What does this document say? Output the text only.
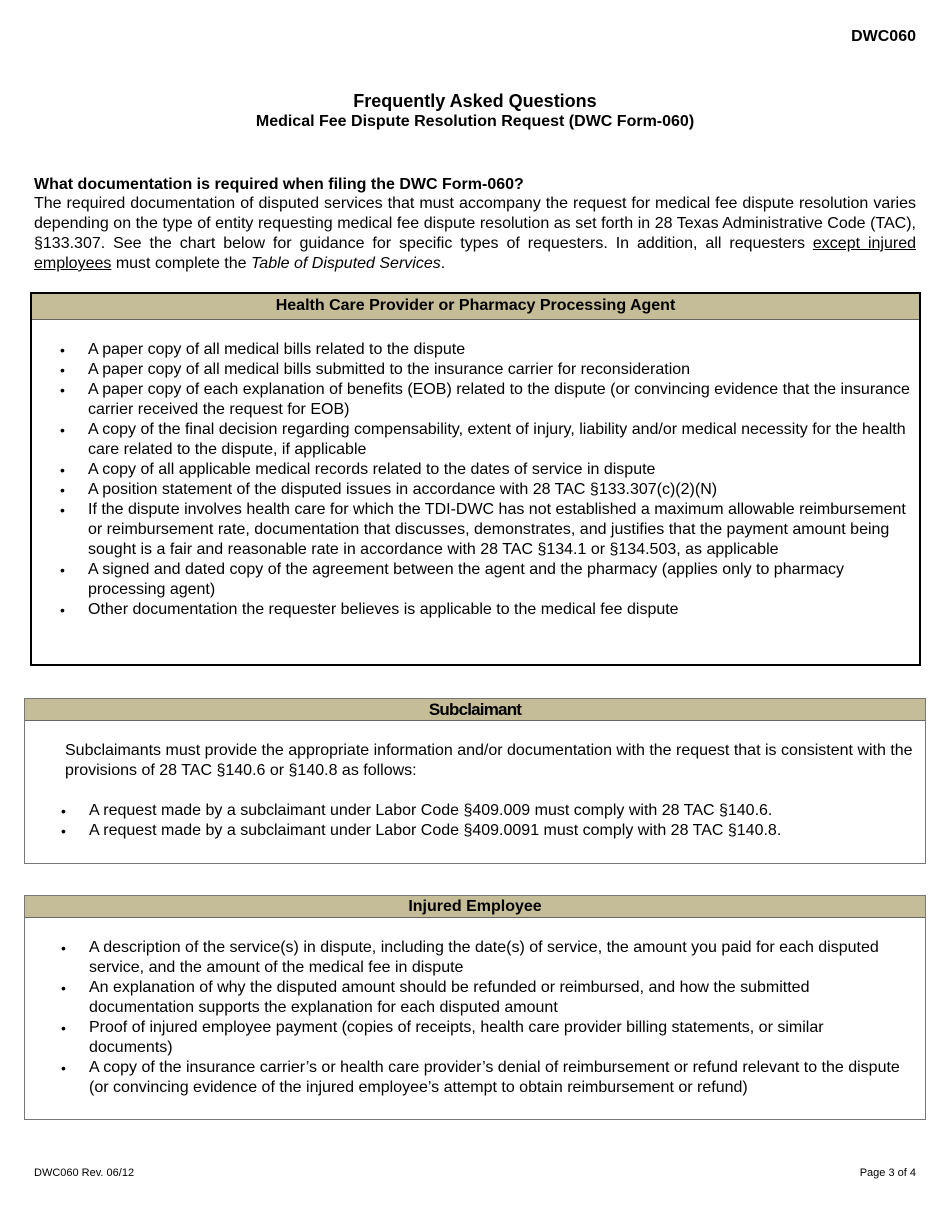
DWC060
Frequently Asked Questions
Medical Fee Dispute Resolution Request (DWC Form-060)
What documentation is required when filing the DWC Form-060?
The required documentation of disputed services that must accompany the request for medical fee dispute resolution varies depending on the type of entity requesting medical fee dispute resolution as set forth in 28 Texas Administrative Code (TAC), §133.307. See the chart below for guidance for specific types of requesters. In addition, all requesters except injured employees must complete the Table of Disputed Services.
Health Care Provider or Pharmacy Processing Agent
• A paper copy of all medical bills related to the dispute
• A paper copy of all medical bills submitted to the insurance carrier for reconsideration
• A paper copy of each explanation of benefits (EOB) related to the dispute (or convincing evidence that the insurance carrier received the request for EOB)
• A copy of the final decision regarding compensability, extent of injury, liability and/or medical necessity for the health care related to the dispute, if applicable
• A copy of all applicable medical records related to the dates of service in dispute
• A position statement of the disputed issues in accordance with 28 TAC §133.307(c)(2)(N)
• If the dispute involves health care for which the TDI-DWC has not established a maximum allowable reimbursement or reimbursement rate, documentation that discusses, demonstrates, and justifies that the payment amount being sought is a fair and reasonable rate in accordance with 28 TAC §134.1 or §134.503, as applicable
• A signed and dated copy of the agreement between the agent and the pharmacy (applies only to pharmacy processing agent)
• Other documentation the requester believes is applicable to the medical fee dispute
Subclaimant
Subclaimants must provide the appropriate information and/or documentation with the request that is consistent with the provisions of 28 TAC §140.6 or §140.8 as follows:
• A request made by a subclaimant under Labor Code §409.009 must comply with 28 TAC §140.6.
• A request made by a subclaimant under Labor Code §409.0091 must comply with 28 TAC §140.8.
Injured Employee
• A description of the service(s) in dispute, including the date(s) of service, the amount you paid for each disputed service, and the amount of the medical fee in dispute
• An explanation of why the disputed amount should be refunded or reimbursed, and how the submitted documentation supports the explanation for each disputed amount
• Proof of injured employee payment (copies of receipts, health care provider billing statements, or similar documents)
• A copy of the insurance carrier’s or health care provider’s denial of reimbursement or refund relevant to the dispute (or convincing evidence of the injured employee’s attempt to obtain reimbursement or refund)
DWC060 Rev. 06/12	Page 3 of 4
